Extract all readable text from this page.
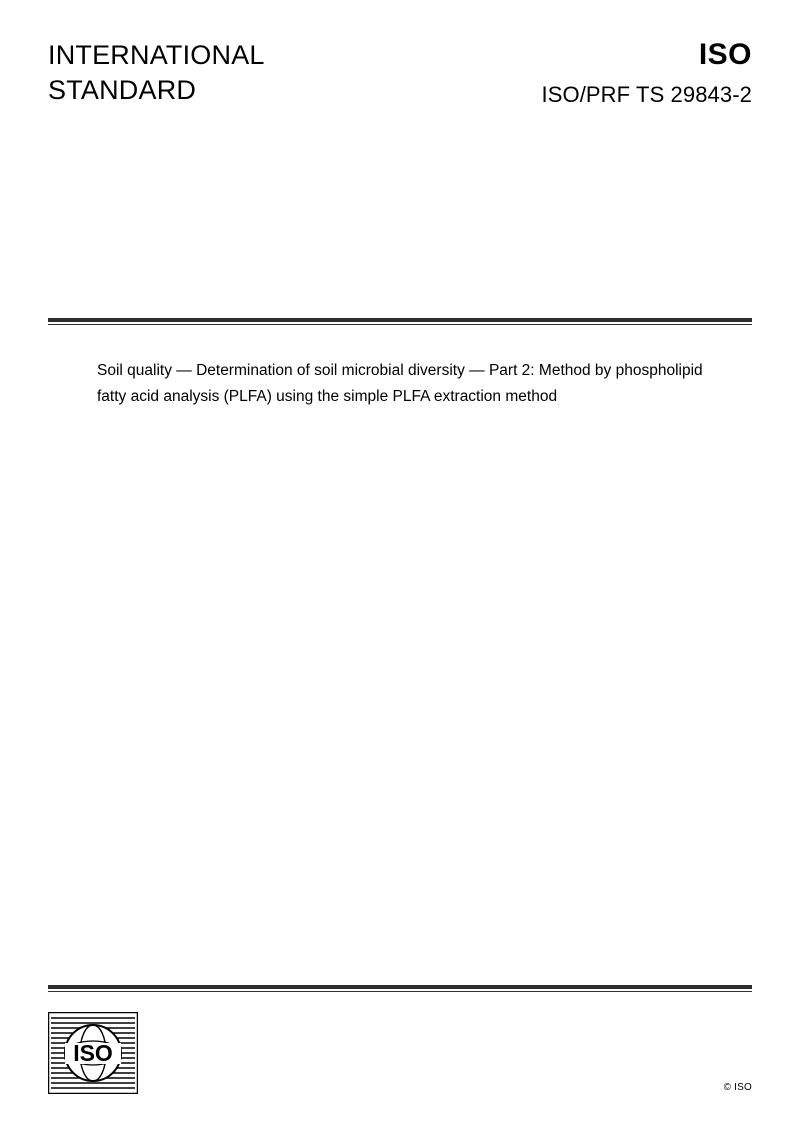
INTERNATIONAL
STANDARD
ISO
ISO/PRF TS 29843-2
Soil quality — Determination of soil microbial diversity — Part 2: Method by phospholipid fatty acid analysis (PLFA) using the simple PLFA extraction method
ISO
© ISO
